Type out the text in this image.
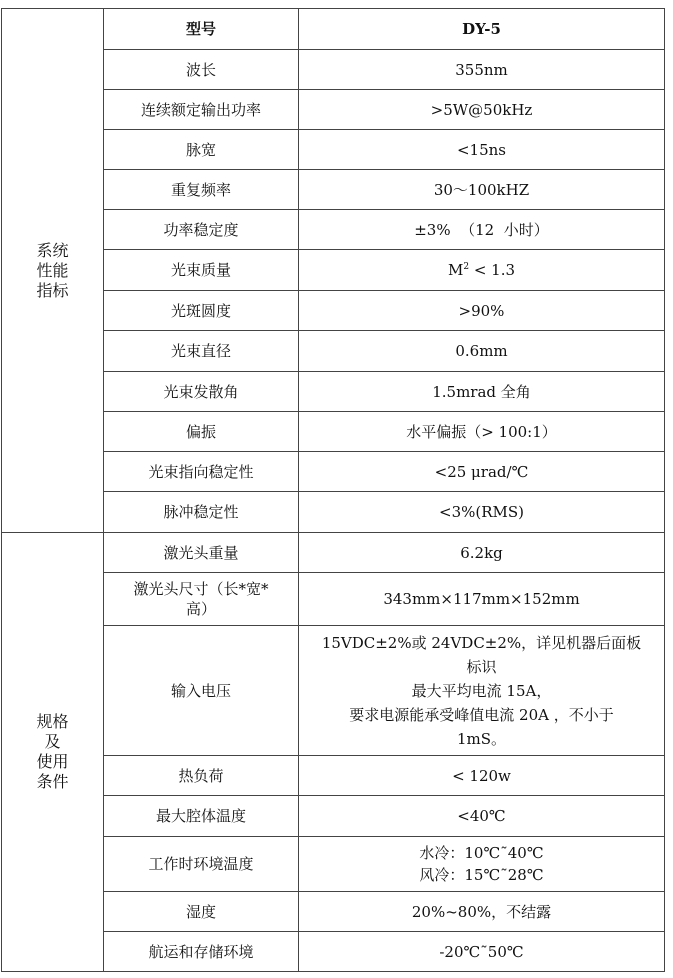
系统
性能
指标	型号	DY-5
	波长	355nm
	连续额定输出功率	>5W@50kHz
	脉宽	<15ns
	重复频率	30～100kHZ
	功率稳定度	±3%  （12  小时）
	光束质量	$M^2 < 1.3$
	光斑圆度	>90%
	光束直径	0.6mm
	光束发散角	1.5mrad 全角
	偏振	水平偏振（> 100:1）
	光束指向稳定性	<25 μrad/℃
	脉冲稳定性	<3%(RMS)

规格
及
使用
条件	激光头重量	6.2kg

	激光头尺寸（长*宽*
高）	343mm×117mm×152mm
	输入电压	15VDC±2%或 24VDC±2%，详见机器后面板
标识
最大平均电流 15A，
要求电源能承受峰值电流 20A ，不小于
1mS。

	热负荷	< 120w
	最大腔体温度	<40℃
	工作时环境温度	水冷：10℃˜40℃
风冷：15℃˜28℃

	湿度	20%~80%，不结露
	航运和存储环境	-20℃˜50℃
